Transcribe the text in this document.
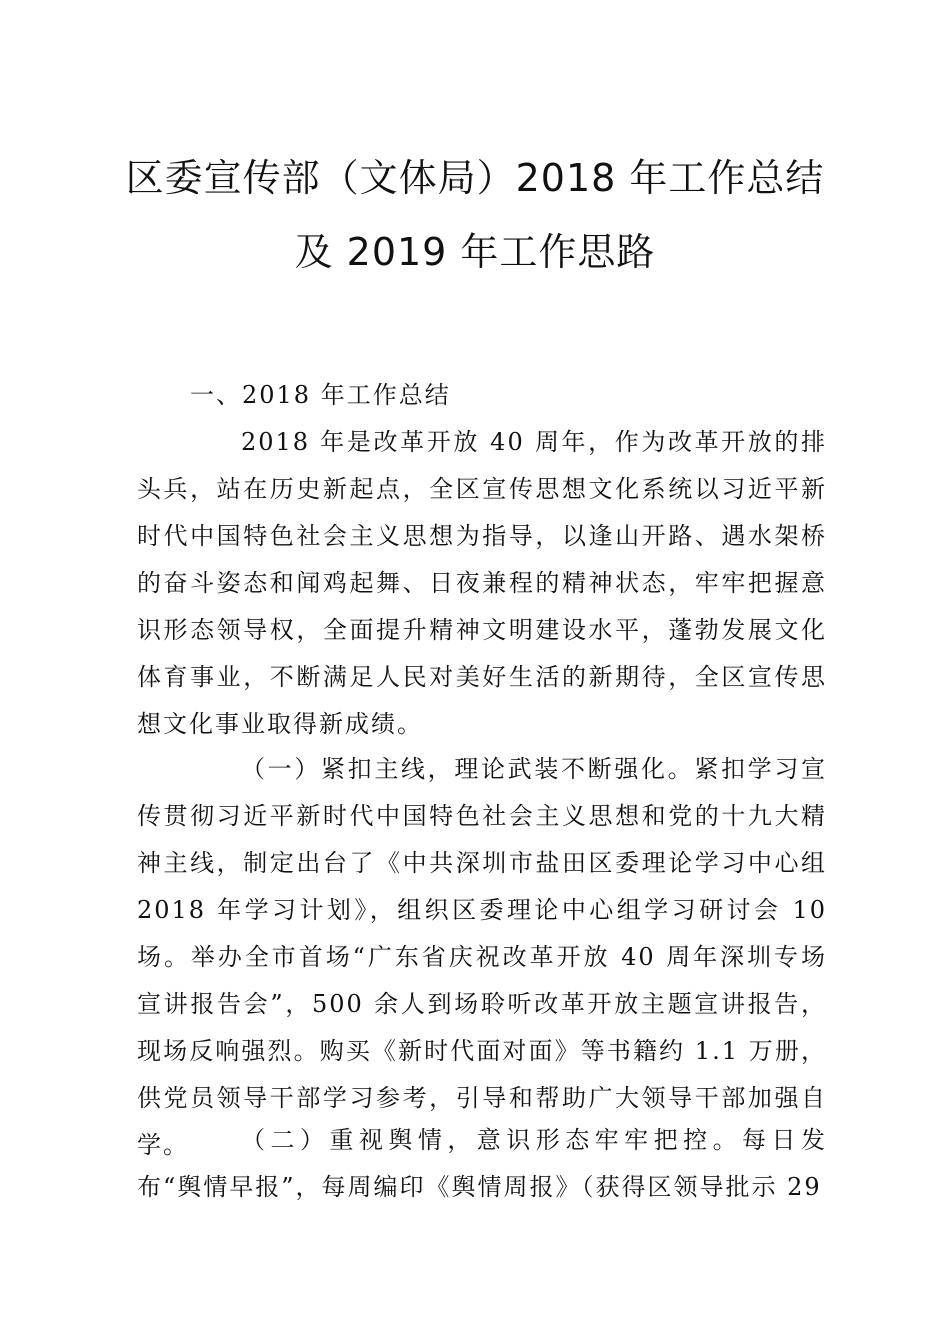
区委宣传部（文体局）2018 年工作总结
及 2019 年工作思路

一、2018 年工作总结

2018 年是改革开放 40 周年，作为改革开放的排头兵，站在历史新起点，全区宣传思想文化系统以习近平新时代中国特色社会主义思想为指导，以逢山开路、遇水架桥的奋斗姿态和闻鸡起舞、日夜兼程的精神状态，牢牢把握意识形态领导权，全面提升精神文明建设水平，蓬勃发展文化体育事业，不断满足人民对美好生活的新期待，全区宣传思想文化事业取得新成绩。

（一）紧扣主线，理论武装不断强化。紧扣学习宣传贯彻习近平新时代中国特色社会主义思想和党的十九大精神主线，制定出台了《中共深圳市盐田区委理论学习中心组 2018 年学习计划》，组织区委理论中心组学习研讨会 10 场。举办全市首场“广东省庆祝改革开放 40 周年深圳专场宣讲报告会”，500 余人到场聆听改革开放主题宣讲报告，现场反响强烈。购买《新时代面对面》等书籍约 1.1 万册，供党员领导干部学习参考，引导和帮助广大领导干部加强自学。	（二）重视舆情，意识形态牢牢把控。每日发布“舆情早报”，每周编印《舆情周报》（获得区领导批示 29
